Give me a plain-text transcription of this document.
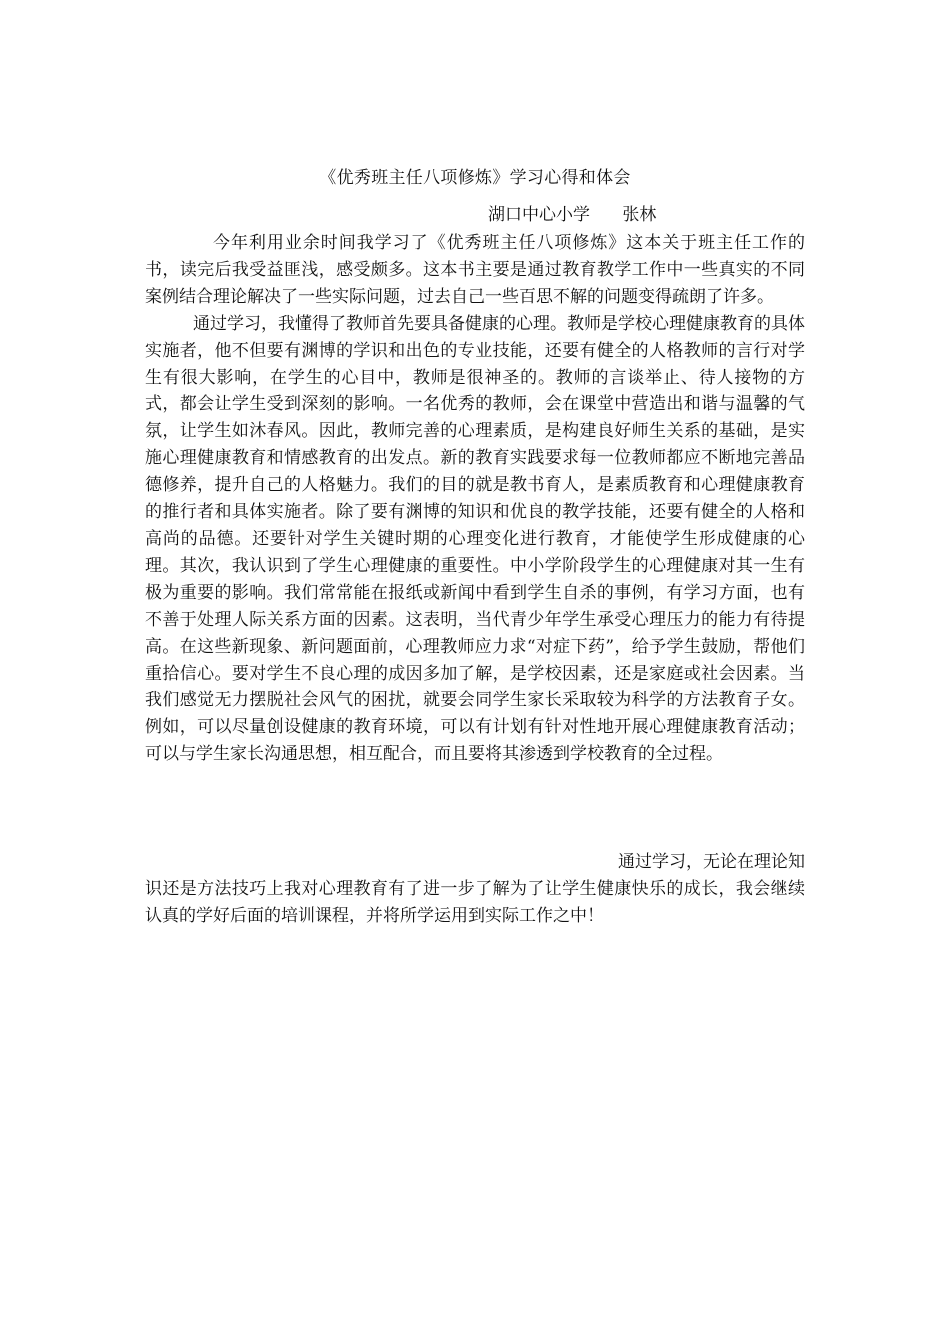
《优秀班主任八项修炼》学习心得和体会
湖口中心小学      张林

今年利用业余时间我学习了《优秀班主任八项修炼》这本关于班主任工作的书，读完后我受益匪浅，感受颇多。这本书主要是通过教育教学工作中一些真实的不同案例结合理论解决了一些实际问题，过去自己一些百思不解的问题变得疏朗了许多。

通过学习，我懂得了教师首先要具备健康的心理。教师是学校心理健康教育的具体实施者，他不但要有渊博的学识和出色的专业技能，还要有健全的人格教师的言行对学生有很大影响，在学生的心目中，教师是很神圣的。教师的言谈举止、待人接物的方式，都会让学生受到深刻的影响。一名优秀的教师，会在课堂中营造出和谐与温馨的气氛，让学生如沐春风。因此，教师完善的心理素质，是构建良好师生关系的基础，是实施心理健康教育和情感教育的出发点。新的教育实践要求每一位教师都应不断地完善品德修养，提升自己的人格魅力。我们的目的就是教书育人，是素质教育和心理健康教育的推行者和具体实施者。除了要有渊博的知识和优良的教学技能，还要有健全的人格和高尚的品德。还要针对学生关键时期的心理变化进行教育，才能使学生形成健康的心理。其次，我认识到了学生心理健康的重要性。中小学阶段学生的心理健康对其一生有极为重要的影响。我们常常能在报纸或新闻中看到学生自杀的事例，有学习方面，也有不善于处理人际关系方面的因素。这表明，当代青少年学生承受心理压力的能力有待提高。在这些新现象、新问题面前，心理教师应力求“对症下药”，给予学生鼓励，帮他们重拾信心。要对学生不良心理的成因多加了解，是学校因素，还是家庭或社会因素。当我们感觉无力摆脱社会风气的困扰，就要会同学生家长采取较为科学的方法教育子女。例如，可以尽量创设健康的教育环境，可以有计划有针对性地开展心理健康教育活动；可以与学生家长沟通思想，相互配合，而且要将其渗透到学校教育的全过程。

通过学习，无论在理论知
识还是方法技巧上我对心理教育有了进一步了解为了让学生健康快乐的成长，我会继续认真的学好后面的培训课程，并将所学运用到实际工作之中！
